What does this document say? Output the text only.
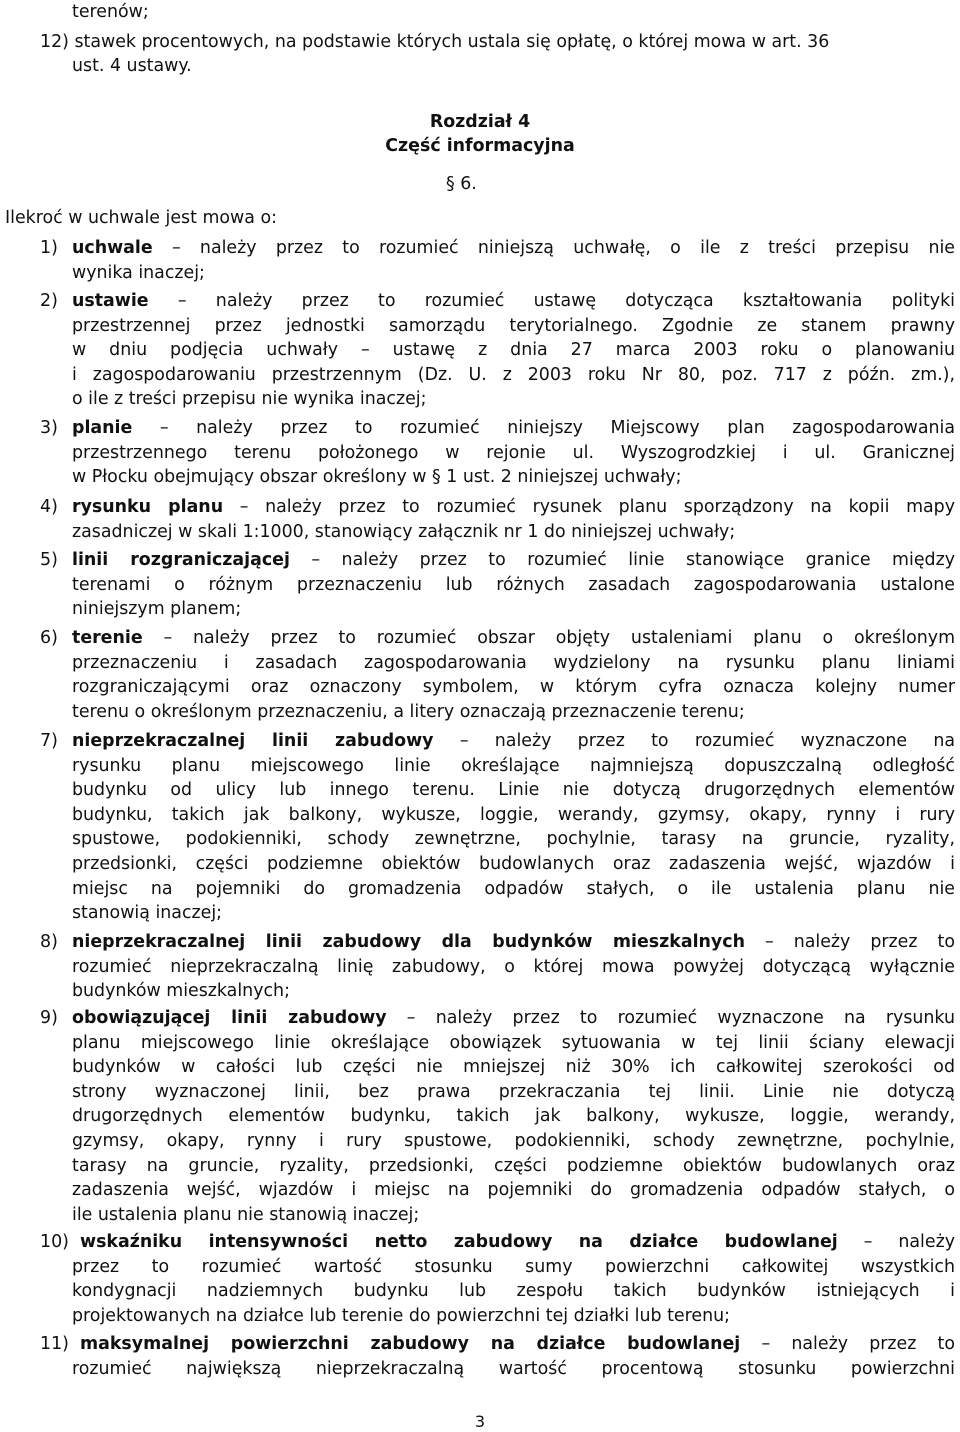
terenów;
12) stawek procentowych, na podstawie których ustala się opłatę, o której mowa w art. 36
ust. 4 ustawy.
Rozdział 4
Część informacyjna
§ 6.
Ilekroć w uchwale jest mowa o:
1) uchwale – należy przez to rozumieć niniejszą uchwałę, o ile z treści przepisu nie
wynika inaczej;
2) ustawie – należy przez to rozumieć ustawę dotycząca kształtowania polityki
przestrzennej przez jednostki samorządu terytorialnego. Zgodnie ze stanem prawny
w dniu podjęcia uchwały – ustawę z dnia 27 marca 2003 roku o planowaniu
i zagospodarowaniu przestrzennym (Dz. U. z 2003 roku Nr 80, poz. 717 z późn. zm.),
o ile z treści przepisu nie wynika inaczej;
3) planie – należy przez to rozumieć niniejszy Miejscowy plan zagospodarowania
przestrzennego terenu położonego w rejonie ul. Wyszogrodzkiej i ul. Granicznej
w Płocku obejmujący obszar określony w § 1 ust. 2 niniejszej uchwały;
4) rysunku planu – należy przez to rozumieć rysunek planu sporządzony na kopii mapy
zasadniczej w skali 1:1000, stanowiący załącznik nr 1 do niniejszej uchwały;
5) linii rozgraniczającej – należy przez to rozumieć linie stanowiące granice między
terenami o różnym przeznaczeniu lub różnych zasadach zagospodarowania ustalone
niniejszym planem;
6) terenie – należy przez to rozumieć obszar objęty ustaleniami planu o określonym
przeznaczeniu i zasadach zagospodarowania wydzielony na rysunku planu liniami
rozgraniczającymi oraz oznaczony symbolem, w którym cyfra oznacza kolejny numer
terenu o określonym przeznaczeniu, a litery oznaczają przeznaczenie terenu;
7) nieprzekraczalnej linii zabudowy – należy przez to rozumieć wyznaczone na
rysunku planu miejscowego linie określające najmniejszą dopuszczalną odległość
budynku od ulicy lub innego terenu. Linie nie dotyczą drugorzędnych elementów
budynku, takich jak balkony, wykusze, loggie, werandy, gzymsy, okapy, rynny i rury
spustowe, podokienniki, schody zewnętrzne, pochylnie, tarasy na gruncie, ryzality,
przedsionki, części podziemne obiektów budowlanych oraz zadaszenia wejść, wjazdów i
miejsc na pojemniki do gromadzenia odpadów stałych, o ile ustalenia planu nie
stanowią inaczej;
8) nieprzekraczalnej linii zabudowy dla budynków mieszkalnych – należy przez to
rozumieć nieprzekraczalną linię zabudowy, o której mowa powyżej dotyczącą wyłącznie
budynków mieszkalnych;
9) obowiązującej linii zabudowy – należy przez to rozumieć wyznaczone na rysunku
planu miejscowego linie określające obowiązek sytuowania w tej linii ściany elewacji
budynków w całości lub części nie mniejszej niż 30% ich całkowitej szerokości od
strony wyznaczonej linii, bez prawa przekraczania tej linii. Linie nie dotyczą
drugorzędnych elementów budynku, takich jak balkony, wykusze, loggie, werandy,
gzymsy, okapy, rynny i rury spustowe, podokienniki, schody zewnętrzne, pochylnie,
tarasy na gruncie, ryzality, przedsionki, części podziemne obiektów budowlanych oraz
zadaszenia wejść, wjazdów i miejsc na pojemniki do gromadzenia odpadów stałych, o
ile ustalenia planu nie stanowią inaczej;
10) wskaźniku intensywności netto zabudowy na działce budowlanej – należy
przez to rozumieć wartość stosunku sumy powierzchni całkowitej wszystkich
kondygnacji nadziemnych budynku lub zespołu takich budynków istniejących i
projektowanych na działce lub terenie do powierzchni tej działki lub terenu;
11) maksymalnej powierzchni zabudowy na działce budowlanej – należy przez to
rozumieć największą nieprzekraczalną wartość procentową stosunku powierzchni
3
